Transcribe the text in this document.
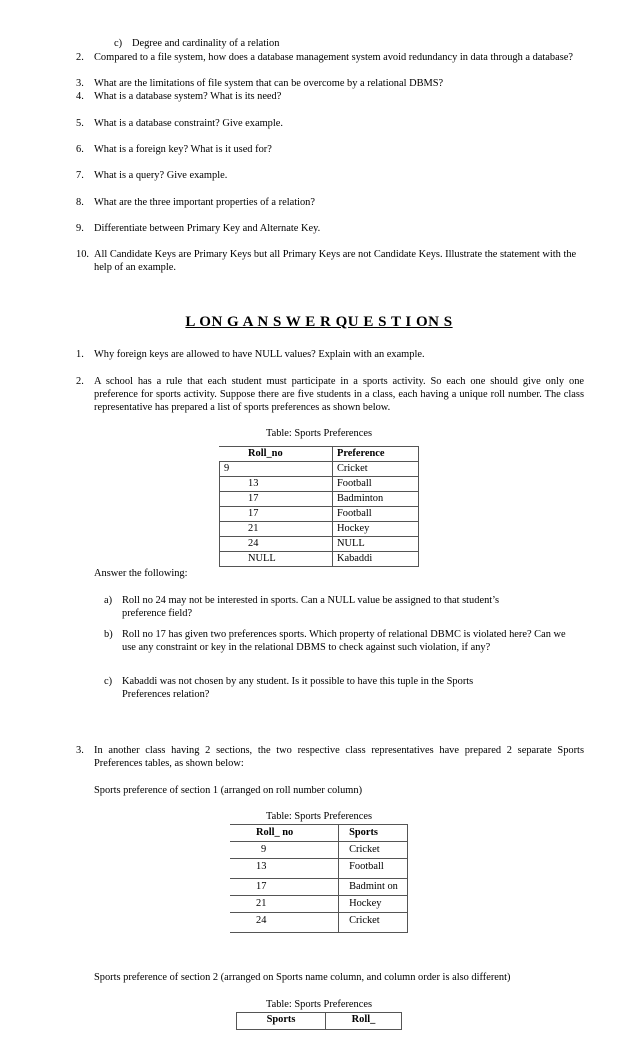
c) Degree and cardinality of a relation
2. Compared to a file system, how does a database management system avoid redundancy in data through a database?
3. What are the limitations of file system that can be overcome by a relational DBMS?
4. What is a database system? What is its need?
5. What is a database constraint? Give example.
6. What is a foreign key? What is it used for?
7. What is a query? Give example.
8. What are the three important properties of a relation?
9. Differentiate between Primary Key and Alternate Key.
10. All Candidate Keys are Primary Keys but all Primary Keys are not Candidate Keys. Illustrate the statement with the help of an example.
L ON G A N S W E R QU E S T I ON S
1. Why foreign keys are allowed to have NULL values? Explain with an example.
2. A school has a rule that each student must participate in a sports activity. So each one should give only one preference for sports activity. Suppose there are five students in a class, each having a unique roll number. The class representative has prepared a list of sports preferences as shown below.
Table: Sports Preferences
Roll_no	Preference
9	Cricket
13	Football
17	Badminton
17	Football
21	Hockey
24	NULL
NULL	Kabaddi
Answer the following:
a) Roll no 24 may not be interested in sports. Can a NULL value be assigned to that student’s preference field?
b) Roll no 17 has given two preferences sports. Which property of relational DBMC is violated here? Can we use any constraint or key in the relational DBMS to check against such violation, if any?
c) Kabaddi was not chosen by any student. Is it possible to have this tuple in the Sports Preferences relation?
3. In another class having 2 sections, the two respective class representatives have prepared 2 separate Sports Preferences tables, as shown below:
Sports preference of section 1 (arranged on roll number column)
Table: Sports Preferences
Roll_ no	Sports
9	Cricket
13	Football
17	Badmint on
21	Hockey
24	Cricket
Sports preference of section 2 (arranged on Sports name column, and column order is also different)
Table: Sports Preferences
Sports	Roll_
